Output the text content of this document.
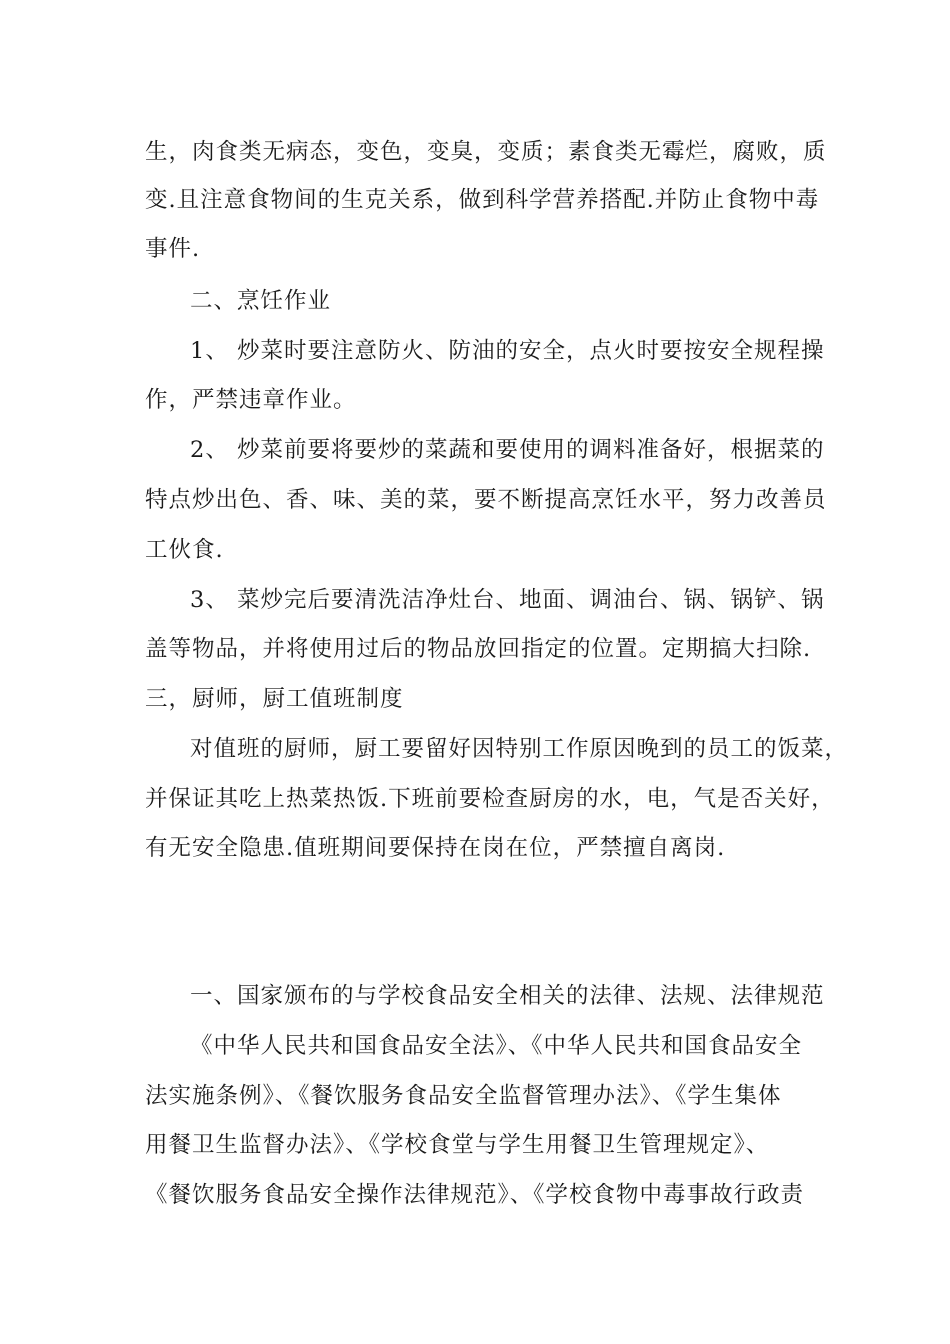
生，肉食类无病态，变色，变臭，变质；素食类无霉烂，腐败，质
变.且注意食物间的生克关系，做到科学营养搭配.并防止食物中毒
事件.
二、烹饪作业
1、 炒菜时要注意防火、防油的安全，点火时要按安全规程操
作，严禁违章作业。
2、 炒菜前要将要炒的菜蔬和要使用的调料准备好，根据菜的
特点炒出色、香、味、美的菜，要不断提高烹饪水平，努力改善员
工伙食.
3、 菜炒完后要清洗洁净灶台、地面、调油台、锅、锅铲、锅
盖等物品，并将使用过后的物品放回指定的位置。定期搞大扫除.
三，厨师，厨工值班制度
对值班的厨师，厨工要留好因特别工作原因晚到的员工的饭菜，
并保证其吃上热菜热饭.下班前要检查厨房的水，电，气是否关好，
有无安全隐患.值班期间要保持在岗在位，严禁擅自离岗.
一、国家颁布的与学校食品安全相关的法律、法规、法律规范
《中华人民共和国食品安全法》、《中华人民共和国食品安全
法实施条例》、《餐饮服务食品安全监督管理办法》、《学生集体
用餐卫生监督办法》、《学校食堂与学生用餐卫生管理规定》、
《餐饮服务食品安全操作法律规范》、《学校食物中毒事故行政责
